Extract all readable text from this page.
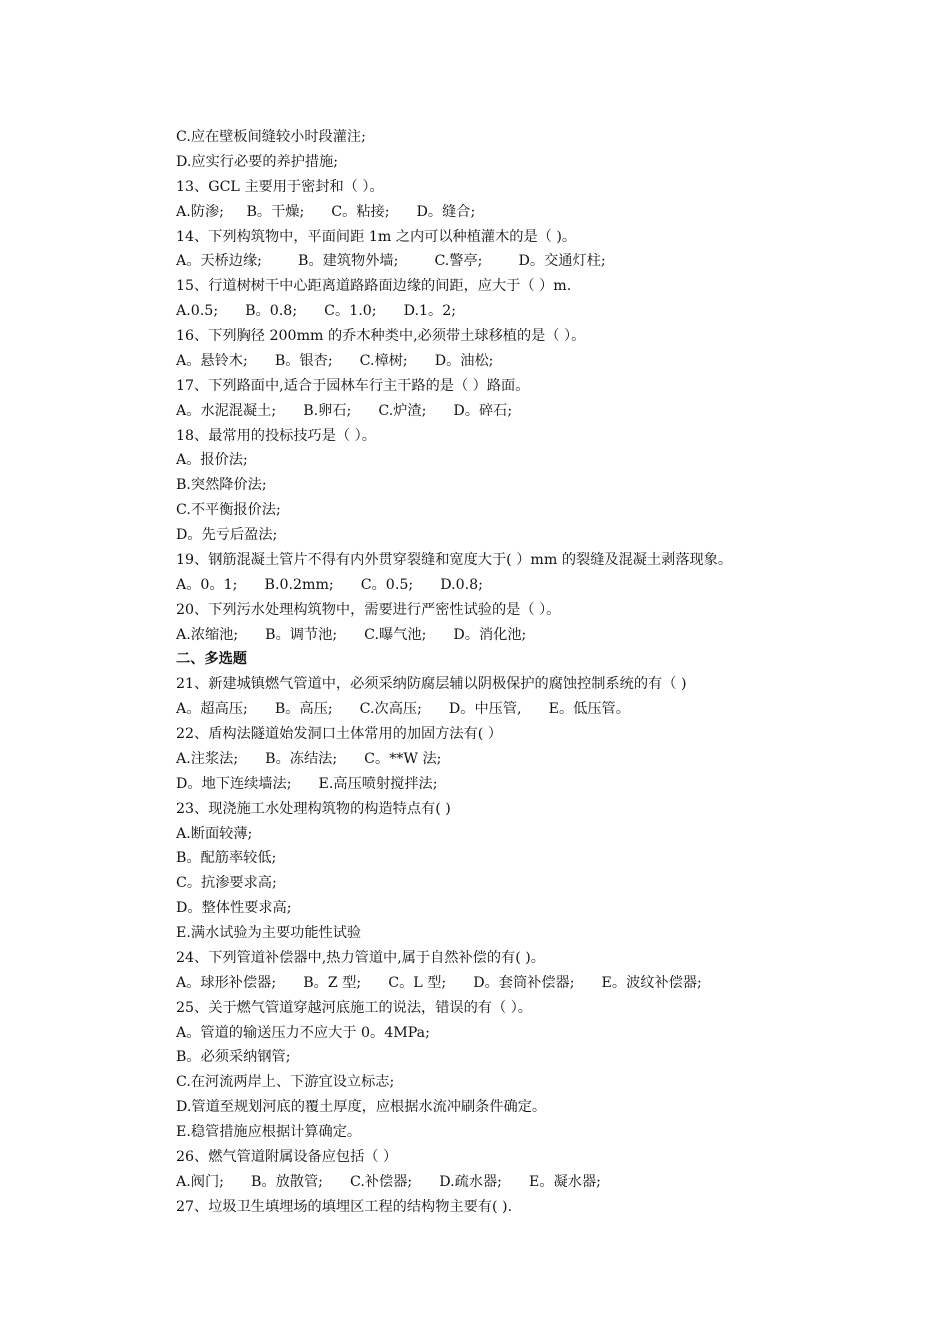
C.应在壁板间缝较小时段灌注;
D.应实行必要的养护措施;
13、GCL 主要用于密封和（ ）。
A.防渗;     B。干燥;      C。粘接;      D。缝合;
14、下列构筑物中，平面间距 1m 之内可以种植灌木的是（ )。
A。天桥边缘;        B。建筑物外墙;        C.警亭;        D。交通灯柱;
15、行道树树干中心距离道路路面边缘的间距，应大于（ ）m.
A.0.5;      B。0.8;      C。1.0;      D.1。2;
16、下列胸径 200mm 的乔木种类中,必须带土球移植的是（ ）。
A。悬铃木;      B。银杏;      C.樟树;      D。油松;
17、下列路面中,适合于园林车行主干路的是（ ）路面。
A。水泥混凝土;      B.卵石;      C.炉渣;      D。碎石;
18、最常用的投标技巧是（ ）。
A。报价法;
B.突然降价法;
C.不平衡报价法;
D。先亏后盈法;
19、钢筋混凝土管片不得有内外贯穿裂缝和宽度大于( ）mm 的裂缝及混凝土剥落现象。
A。0。1;      B.0.2mm;      C。0.5;      D.0.8;
20、下列污水处理构筑物中，需要进行严密性试验的是（ ）。
A.浓缩池;      B。调节池;      C.曝气池;      D。消化池;
二、多选题
21、新建城镇燃气管道中，必须采纳防腐层辅以阴极保护的腐蚀控制系统的有（ )
A。超高压;      B。高压;      C.次高压;      D。中压管,      E。低压管。
22、盾构法隧道始发洞口土体常用的加固方法有( ）
A.注浆法;      B。冻结法;      C。**W 法;
D。地下连续墙法;      E.高压喷射搅拌法;
23、现浇施工水处理构筑物的构造特点有( )
A.断面较薄;
B。配筋率较低;
C。抗渗要求高;
D。整体性要求高;
E.满水试验为主要功能性试验
24、下列管道补偿器中,热力管道中,属于自然补偿的有( )。
A。球形补偿器;      B。Z 型;      C。L 型;      D。套筒补偿器;      E。波纹补偿器;
25、关于燃气管道穿越河底施工的说法，错误的有（ ）。
A。管道的输送压力不应大于 0。4MPa;
B。必须采纳钢管;
C.在河流两岸上、下游宜设立标志;
D.管道至规划河底的覆土厚度，应根据水流冲刷条件确定。
E.稳管措施应根据计算确定。
26、燃气管道附属设备应包括（ ）
A.阀门;      B。放散管;      C.补偿器;      D.疏水器;      E。凝水器;
27、垃圾卫生填埋场的填埋区工程的结构物主要有( ).
